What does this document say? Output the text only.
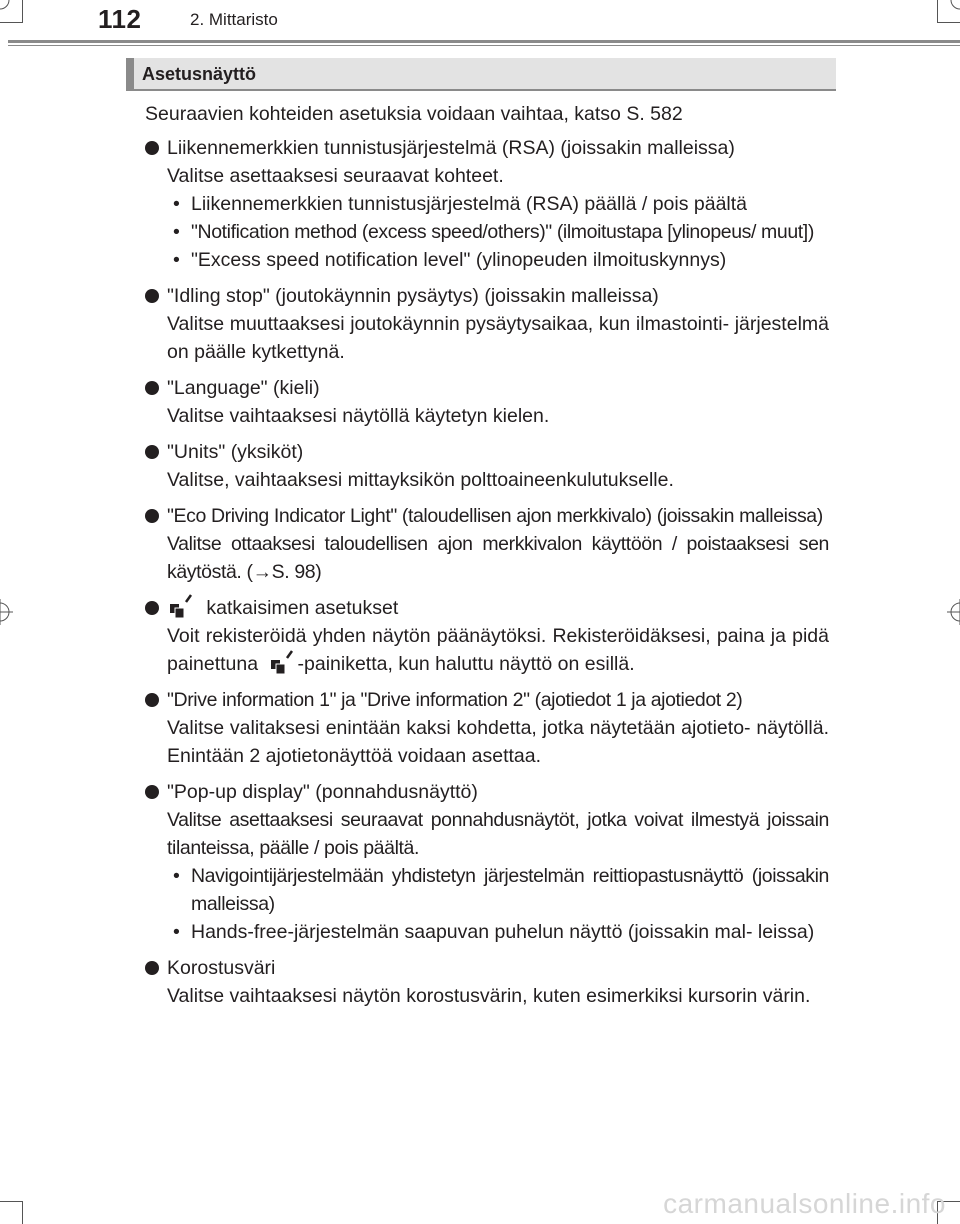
112	2. Mittaristo
Asetusnäyttö

Seuraavien kohteiden asetuksia voidaan vaihtaa, katso S. 582

Liikennemerkkien tunnistusjärjestelmä (RSA) (joissakin malleissa)

Valitse asettaaksesi seuraavat kohteet.

• Liikennemerkkien tunnistusjärjestelmä (RSA) päällä / pois päältä
• "Notification method (excess speed/others)" (ilmoitustapa [ylinopeus/ muut])
• "Excess speed notification level" (ylinopeuden ilmoituskynnys)
"Idling stop" (joutokäynnin pysäytys) (joissakin malleissa)

Valitse muuttaaksesi joutokäynnin pysäytysaikaa, kun ilmastointi- järjestelmä on päälle kytkettynä.

"Language" (kieli)

Valitse vaihtaaksesi näytöllä käytetyn kielen.

"Units" (yksiköt)

Valitse, vaihtaaksesi mittayksikön polttoaineenkulutukselle.

"Eco Driving Indicator Light" (taloudellisen ajon merkkivalo) (joissakin malleissa)

Valitse ottaaksesi taloudellisen ajon merkkivalon käyttöön / poistaaksesi sen käytöstä. (→S. 98)

katkaisimen asetukset

Voit rekisteröidä yhden näytön päänäytöksi. Rekisteröidäksesi, paina ja pidä painettuna -painiketta, kun haluttu näyttö on esillä.

"Drive information 1" ja "Drive information 2" (ajotiedot 1 ja ajotiedot 2)

Valitse valitaksesi enintään kaksi kohdetta, jotka näytetään ajotieto- näytöllä. Enintään 2 ajotietonäyttöä voidaan asettaa.

"Pop-up display" (ponnahdusnäyttö)

Valitse asettaaksesi seuraavat ponnahdusnäytöt, jotka voivat ilmestyä joissain tilanteissa, päälle / pois päältä.

• Navigointijärjestelmään yhdistetyn järjestelmän reittiopastusnäyttö (joissakin malleissa)
• Hands-free-järjestelmän saapuvan puhelun näyttö (joissakin mal- leissa)
Korostusväri

Valitse vaihtaaksesi näytön korostusvärin, kuten esimerkiksi kursorin värin.

carmanualsonline.info
